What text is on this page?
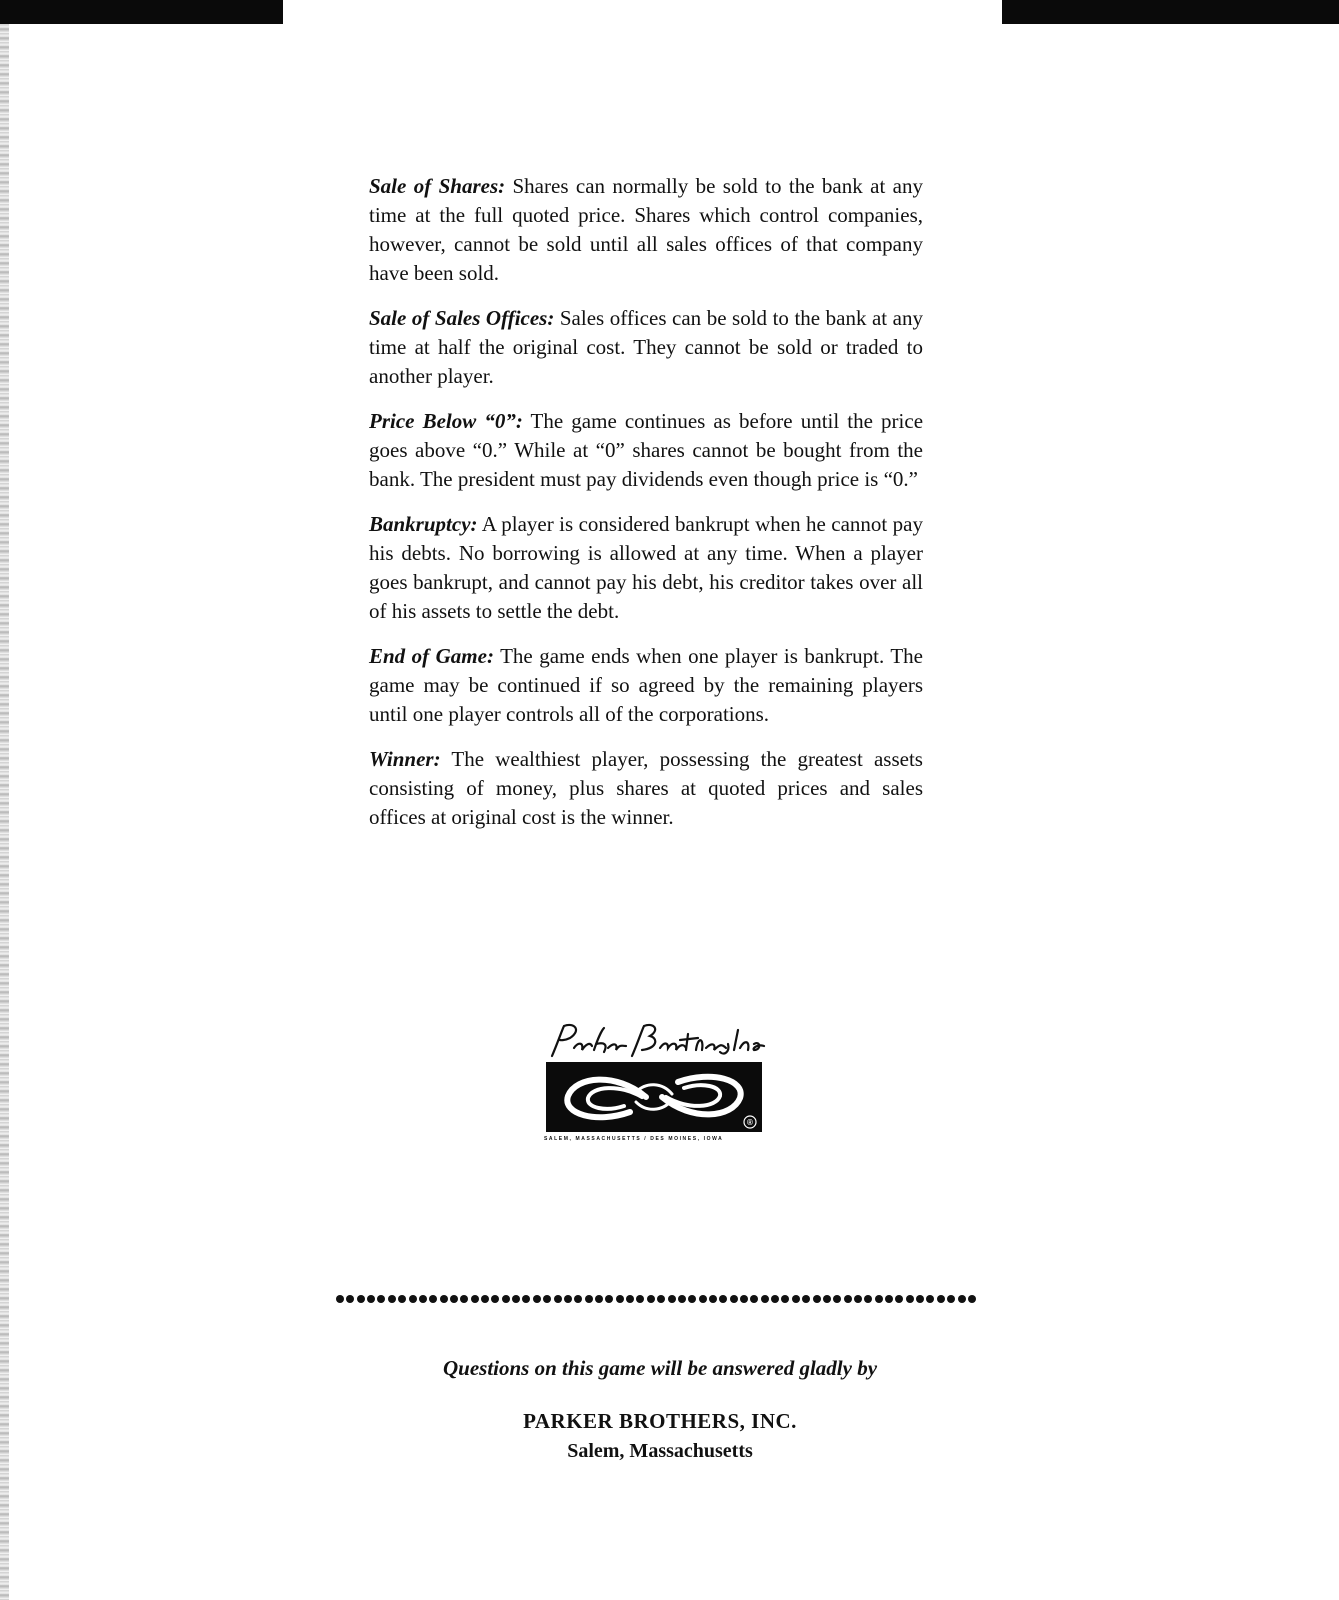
Sale of Shares: Shares can normally be sold to the bank at any time at the full quoted price. Shares which control companies, however, cannot be sold until all sales offices of that company have been sold.

Sale of Sales Offices: Sales offices can be sold to the bank at any time at half the original cost. They cannot be sold or traded to another player.

Price Below “0”: The game continues as before until the price goes above “0.” While at “0” shares cannot be bought from the bank. The president must pay dividends even though price is “0.”

Bankruptcy: A player is considered bankrupt when he cannot pay his debts. No borrowing is allowed at any time. When a player goes bankrupt, and cannot pay his debt, his creditor takes over all of his assets to settle the debt.

End of Game: The game ends when one player is bankrupt. The game may be continued if so agreed by the remaining players until one player controls all of the corporations.

Winner: The wealthiest player, possessing the greatest assets consisting of money, plus shares at quoted prices and sales offices at original cost is the winner.

®
SALEM, MASSACHUSETTS / DES MOINES, IOWA
Questions on this game will be answered gladly by
PARKER BROTHERS, INC.
Salem, Massachusetts
